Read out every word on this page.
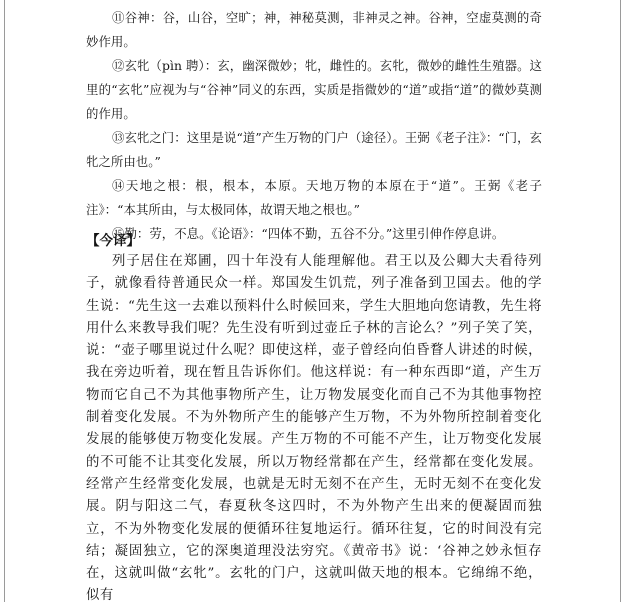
⑪谷神：谷，山谷，空旷；神，神秘莫测，非神灵之神。谷神，空虚莫测的奇妙作用。

⑫玄牝（pìn 聘）：玄，幽深微妙；牝，雌性的。玄牝，微妙的雌性生殖器。这里的“玄牝”应视为与“谷神”同义的东西，实质是指微妙的“道”或指“道”的微妙莫测的作用。

⑬玄牝之门：这里是说“道”产生万物的门户（途径）。王弼《老子注》：“门，玄牝之所由也。”

⑭天地之根：根，根本，本原。天地万物的本原在于“道”。王弼《老子注》：“本其所由，与太极同体，故谓天地之根也。”

⑮勤：劳，不息。《论语》：“四体不勤，五谷不分。”这里引伸作停息讲。

【今译】

列子居住在郑圃，四十年没有人能理解他。君王以及公卿大夫看待列子，就像看待普通民众一样。郑国发生饥荒，列子准备到卫国去。他的学生说：“先生这一去难以预料什么时候回来，学生大胆地向您请教，先生将用什么来教导我们呢？先生没有听到过壶丘子林的言论么？”列子笑了笑，说：“壶子哪里说过什么呢？即使这样，壶子曾经向伯昏瞀人讲述的时候，我在旁边听着，现在暂且告诉你们。他这样说：有一种东西即“道，产生万物而它自己不为其他事物所产生，让万物发展变化而自己不为其他事物控制着变化发展。不为外物所产生的能够产生万物，不为外物所控制着变化发展的能够使万物变化发展。产生万物的不可能不产生，让万物变化发展的不可能不让其变化发展，所以万物经常都在产生，经常都在变化发展。经常产生经常变化发展，也就是无时无刻不在产生，无时无刻不在变化发展。阴与阳这二气，春夏秋冬这四时，不为外物产生出来的便凝固而独立，不为外物变化发展的便循环往复地运行。循环往复，它的时间没有完结；凝固独立，它的深奥道理没法穷究。《黄帝书》说：‘谷神之妙永恒存在，这就叫做“玄牝”。玄牝的门户，这就叫做天地的根本。它绵绵不绝，似有
